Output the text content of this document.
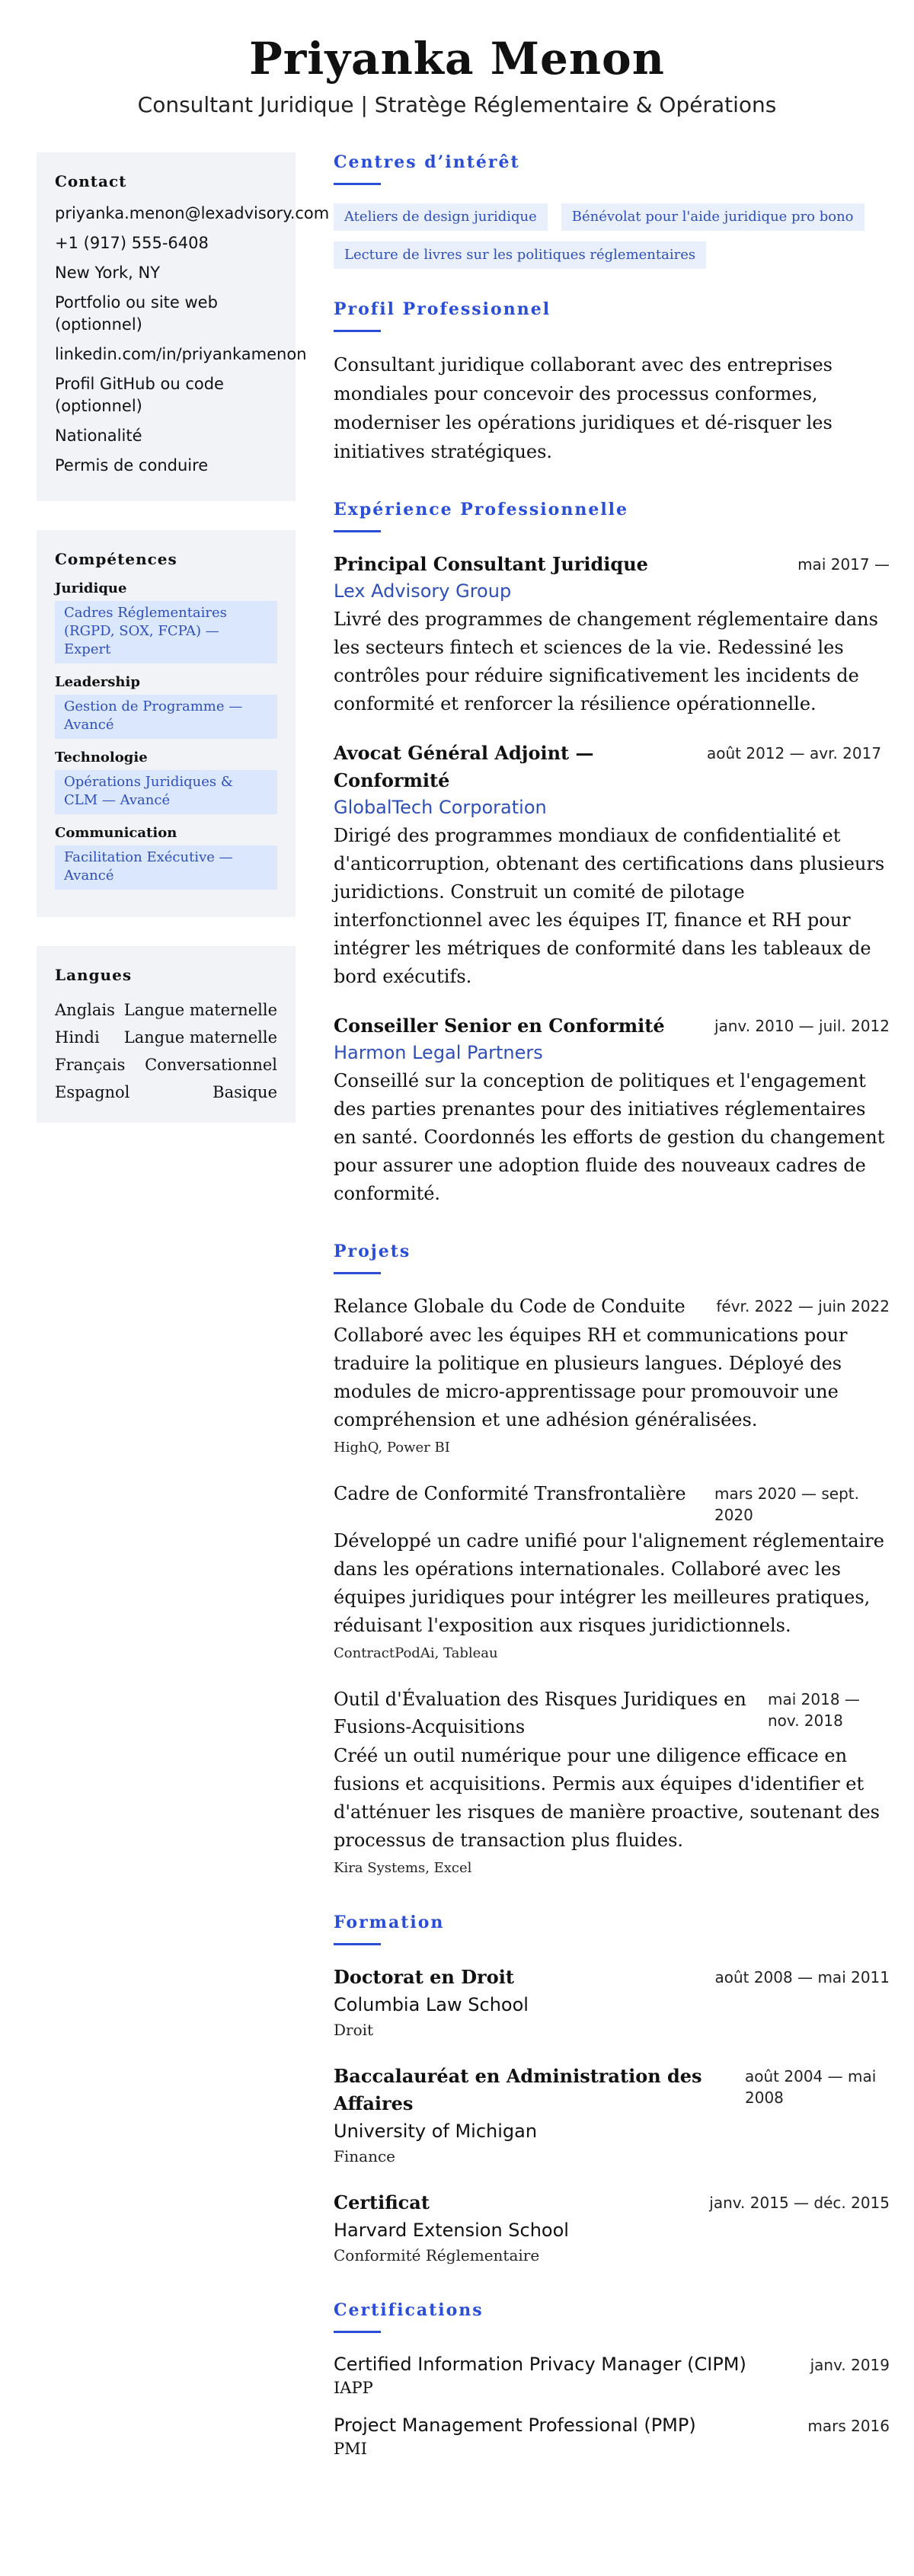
Priyanka Menon
Consultant Juridique | Stratège Réglementaire & Opérations
Contact
priyanka.menon@lexadvisory.com
+1 (917) 555-6408
New York, NY
Portfolio ou site web (optionnel)
linkedin.com/in/priyankamenon
Profil GitHub ou code (optionnel)
Nationalité
Permis de conduire
Compétences
Juridique
Cadres Réglementaires (RGPD, SOX, FCPA) — Expert
Leadership
Gestion de Programme — Avancé
Technologie
Opérations Juridiques & CLM — Avancé
Communication
Facilitation Exécutive — Avancé
Langues
Anglais Langue maternelle
Hindi Langue maternelle
Français Conversationnel
Espagnol	Basique
Centres d’intérêt
Ateliers de design juridique	Bénévolat pour l'aide juridique pro bono
Lecture de livres sur les politiques réglementaires
Profil Professionnel

Consultant juridique collaborant avec des entreprises mondiales pour concevoir des processus conformes, moderniser les opérations juridiques et dé-risquer les initiatives stratégiques.

Expérience Professionnelle
Principal Consultant Juridique	mai 2017 —
Lex Advisory Group

Livré des programmes de changement réglementaire dans les secteurs fintech et sciences de la vie. Redessiné les contrôles pour réduire significativement les incidents de conformité et renforcer la résilience opérationnelle.

Avocat Général Adjoint — Conformité
août 2012 — avr. 2017
GlobalTech Corporation

Dirigé des programmes mondiaux de confidentialité et d'anticorruption, obtenant des certifications dans plusieurs juridictions. Construit un comité de pilotage interfonctionnel avec les équipes IT, finance et RH pour intégrer les métriques de conformité dans les tableaux de bord exécutifs.

Conseiller Senior en Conformité	janv. 2010 — juil. 2012
Harmon Legal Partners

Conseillé sur la conception de politiques et l'engagement des parties prenantes pour des initiatives réglementaires en santé. Coordonnés les efforts de gestion du changement pour assurer une adoption fluide des nouveaux cadres de conformité.

Projets
Relance Globale du Code de Conduite févr. 2022 — juin 2022

Collaboré avec les équipes RH et communications pour traduire la politique en plusieurs langues. Déployé des modules de micro-apprentissage pour promouvoir une compréhension et une adhésion généralisées.

HighQ, Power BI
Cadre de Conformité Transfrontalière	mars 2020 — sept. 2020

Développé un cadre unifié pour l'alignement réglementaire dans les opérations internationales. Collaboré avec les équipes juridiques pour intégrer les meilleures pratiques, réduisant l'exposition aux risques juridictionnels.

ContractPodAi, Tableau
Outil d'Évaluation des Risques Juridiques en Fusions-Acquisitions
mai 2018 — nov. 2018

Créé un outil numérique pour une diligence efficace en fusions et acquisitions. Permis aux équipes d'identifier et d'atténuer les risques de manière proactive, soutenant des processus de transaction plus fluides.

Kira Systems, Excel
Formation
Doctorat en Droit	août 2008 — mai 2011
Columbia Law School
Droit
Baccalauréat en Administration des Affaires
août 2004 — mai 2008
University of Michigan
Finance
Certificat	janv. 2015 — déc. 2015
Harvard Extension School
Conformité Réglementaire
Certifications
Certified Information Privacy Manager (CIPM)	janv. 2019
IAPP
Project Management Professional (PMP)	mars 2016
PMI
